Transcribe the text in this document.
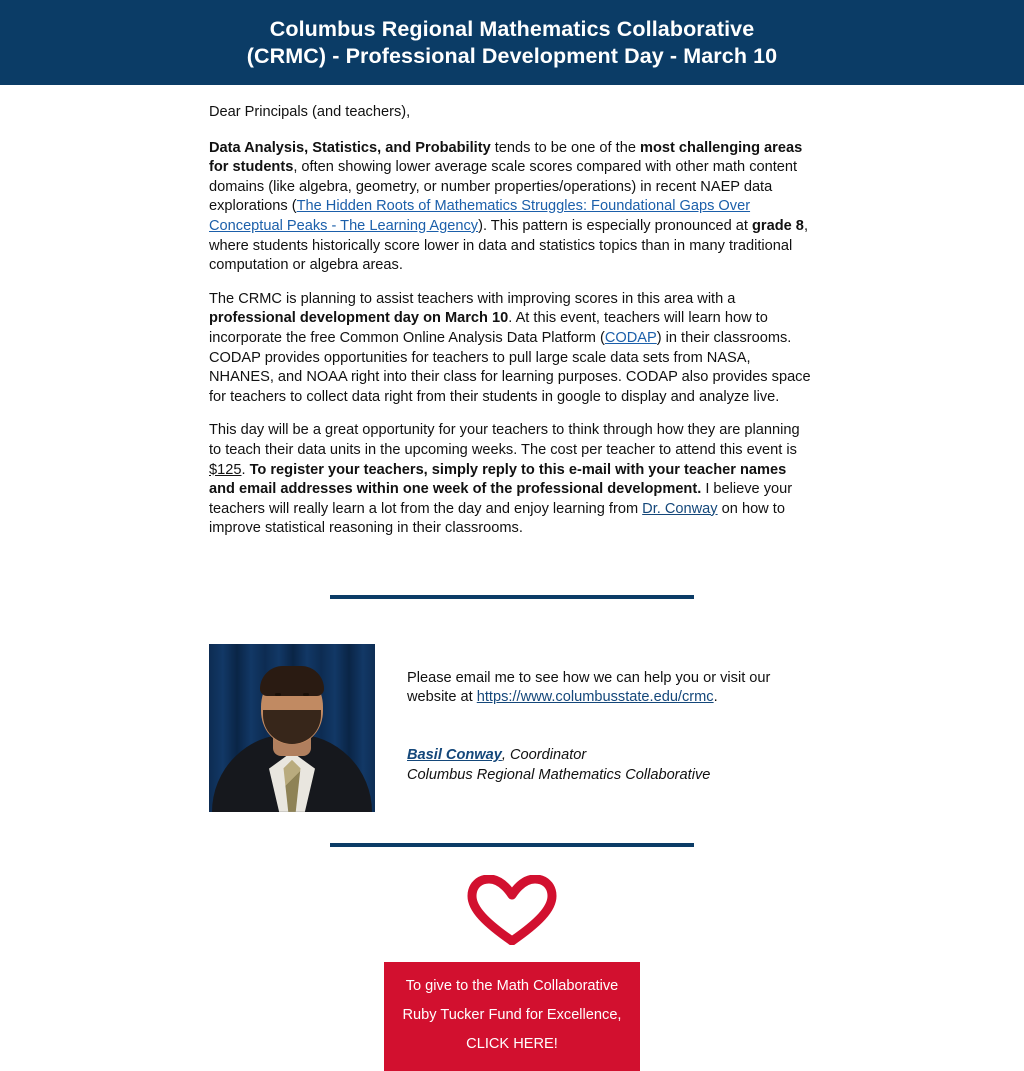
Columbus Regional Mathematics Collaborative
(CRMC) - Professional Development Day - March 10

Dear Principals (and teachers),

Data Analysis, Statistics, and Probability tends to be one of the most challenging areas for students, often showing lower average scale scores compared with other math content domains (like algebra, geometry, or number properties/operations) in recent NAEP data explorations (The Hidden Roots of Mathematics Struggles: Foundational Gaps Over Conceptual Peaks - The Learning Agency). This pattern is especially pronounced at grade 8, where students historically score lower in data and statistics topics than in many traditional computation or algebra areas.

The CRMC is planning to assist teachers with improving scores in this area with a professional development day on March 10. At this event, teachers will learn how to incorporate the free Common Online Analysis Data Platform (CODAP) in their classrooms. CODAP provides opportunities for teachers to pull large scale data sets from NASA, NHANES, and NOAA right into their class for learning purposes. CODAP also provides space for teachers to collect data right from their students in google to display and analyze live.

This day will be a great opportunity for your teachers to think through how they are planning to teach their data units in the upcoming weeks. The cost per teacher to attend this event is $125. To register your teachers, simply reply to this e-mail with your teacher names and email addresses within one week of the professional development. I believe your teachers will really learn a lot from the day and enjoy learning from Dr. Conway on how to improve statistical reasoning in their classrooms.

Please email me to see how we can help you or visit our website at https://www.columbusstate.edu/crmc.

Basil Conway, Coordinator

Columbus Regional Mathematics Collaborative

To give to the Math Collaborative
Ruby Tucker Fund for Excellence,
CLICK HERE!
